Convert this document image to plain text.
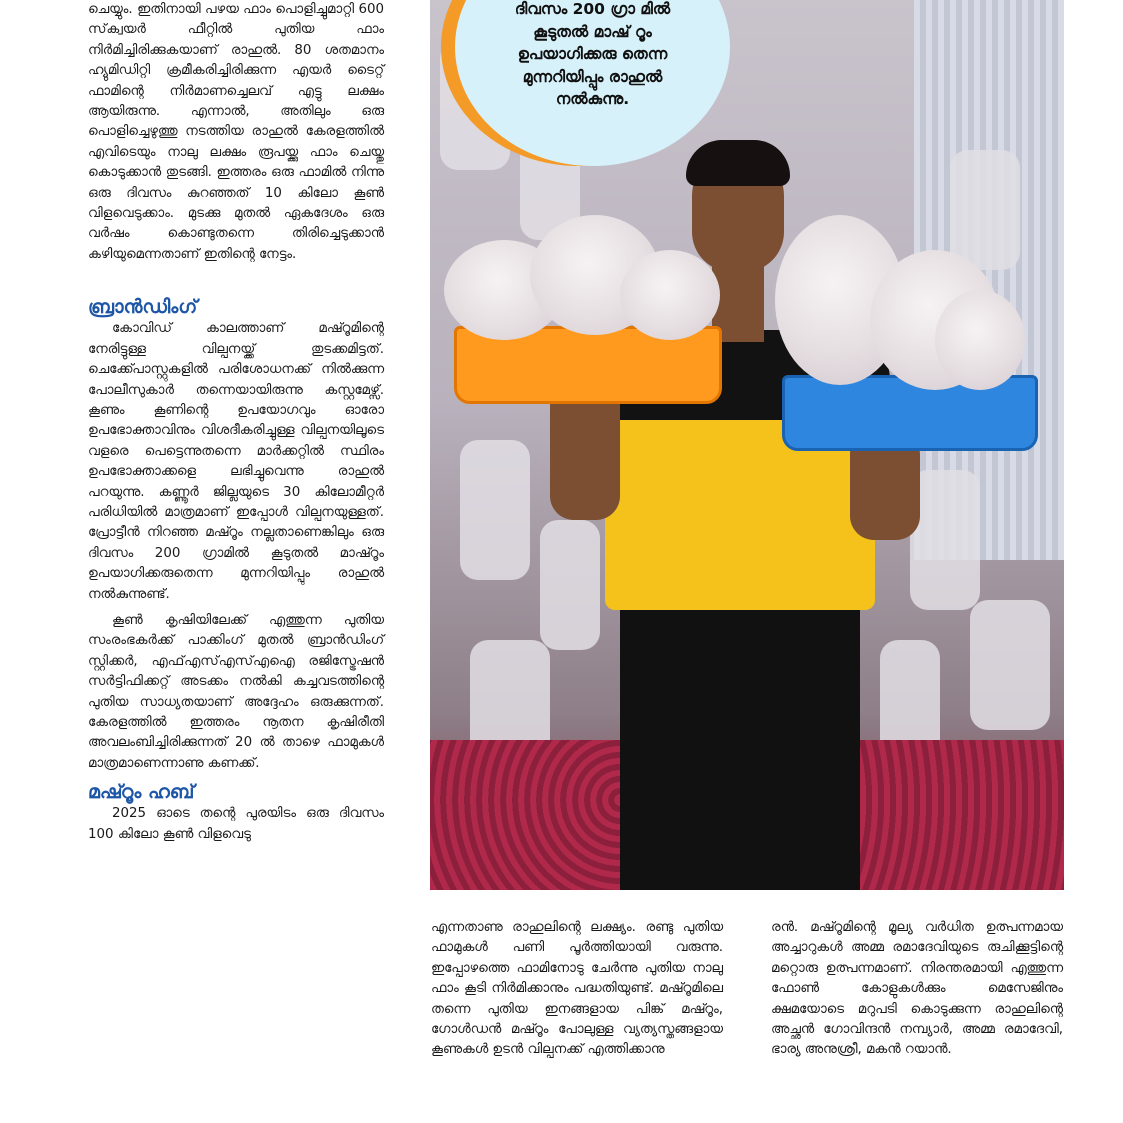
ചെയ്യും. ഇതിനായി പഴയ ഫാം പൊളിച്ചുമാറ്റി 600 സ്‌ക്വയർ ഫീറ്റിൽ പുതിയ ഫാം നിർമിച്ചിരിക്കുകയാണ് രാഹുൽ. 80 ശതമാനം ഹ്യുമിഡിറ്റി ക്രമീകരിച്ചിരിക്കുന്ന എയർ ടൈറ്റ് ഫാമിന്റെ നിർമാണച്ചെലവ് എട്ടു ലക്ഷം ആയിരുന്നു. എന്നാൽ, അതിലും ഒരു പൊളിച്ചെഴുത്തു നടത്തിയ രാഹുൽ കേരളത്തിൽ എവിടെയും നാലു ലക്ഷം രൂപയ്ക്കു ഫാം ചെയ്തു കൊടുക്കാൻ തുടങ്ങി. ഇത്തരം ഒരു ഫാമിൽ നിന്നു ഒരു ദിവസം കുറഞ്ഞത് 10 കിലോ കൂൺ വിളവെടുക്കാം. മുടക്കു മുതൽ ഏകദേശം ഒരു വർഷം കൊണ്ടുതന്നെ തിരിച്ചെടുക്കാൻ കഴിയുമെന്നതാണ് ഇതിന്റെ നേട്ടം.

ബ്രാൻഡിംഗ്

കോവിഡ് കാലത്താണ് മഷ്റൂമിന്റെ നേരിട്ടുള്ള വില്പനയ്ക്ക് തുടക്കമിട്ടത്. ചെക്ക്പോസ്റ്റുകളിൽ പരിശോധനക്ക് നിൽക്കുന്ന പോലീസുകാർ തന്നെയായിരുന്നു കസ്റ്റമേഴ്സ്. കൂണും കൂണിന്റെ ഉപയോഗവും ഓരോ ഉപഭോക്താവിനും വിശദീകരിച്ചുള്ള വില്പനയിലൂടെ വളരെ പെട്ടെന്നുതന്നെ മാർക്കറ്റിൽ സ്ഥിരം ഉപഭോക്താക്കളെ ലഭിച്ചുവെന്നു രാഹുൽ പറയുന്നു. കണ്ണൂർ ജില്ലയുടെ 30 കിലോമീറ്റർ പരിധിയിൽ മാത്രമാണ് ഇപ്പോൾ വില്പനയുള്ളത്. പ്രോട്ടീൻ നിറഞ്ഞ മഷ്റൂം നല്ലതാണെങ്കിലും ഒരു ദിവസം 200 ഗ്രാമിൽ കൂടുതൽ മാഷ്റൂം ഉപയാഗിക്കരുതെന്ന മുന്നറിയിപ്പും രാഹുൽ നൽകുന്നുണ്ട്.

കൂൺ കൃഷിയിലേക്ക് എത്തുന്ന പുതിയ സംരംഭകർക്ക് പാക്കിംഗ് മുതൽ ബ്രാൻഡിംഗ് സ്റ്റിക്കർ, എഫ്എസ്എസ്എഐ രജിസ്ട്രേഷൻ സർട്ടിഫിക്കറ്റ് അടക്കം നൽകി കച്ചവടത്തിന്റെ പുതിയ സാധ്യതയാണ് അദ്ദേഹം ഒരുക്കുന്നത്. കേരളത്തിൽ ഇത്തരം നൂതന കൃഷിരീതി അവലംബിച്ചിരിക്കുന്നത് 20 ൽ താഴെ ഫാമുകൾ മാത്രമാണെന്നാണു കണക്ക്.

മഷ്റൂം ഹബ്

2025 ഓടെ തന്റെ പുരയിടം ഒരു ദിവസം 100 കിലോ കൂൺ വിളവെടു

ദിവസം 200 ഗ്രാ മിൽ കൂടുതൽ മാഷ് റൂം ഉപയാഗിക്കരു തെന്ന മുന്നറിയിപ്പും രാഹുൽ നൽകുന്നു.

എന്നതാണു രാഹുലിന്റെ ലക്ഷ്യം. രണ്ടു പുതിയ ഫാമുകൾ പണി പൂർത്തിയായി വരുന്നു. ഇപ്പോഴത്തെ ഫാമിനോടു ചേർന്നു പുതിയ നാലു ഫാം കൂടി നിർമിക്കാനും പദ്ധതിയുണ്ട്. മഷ്റൂമിലെ തന്നെ പുതിയ ഇനങ്ങളായ പിങ്ക് മഷ്റൂം, ഗോൾഡൻ മഷ്റൂം പോലുള്ള വ്യത്യസ്തങ്ങളായ കൂണുകൾ ഉടൻ വില്പനക്ക് എത്തിക്കാനു

രൻ. മഷ്റൂമിന്റെ മൂല്യ വർധിത ഉത്പന്നമായ അച്ചാറുകൾ അമ്മ രമാദേവിയുടെ രുചിക്കൂട്ടിന്റെ മറ്റൊരു ഉത്പന്നമാണ്. നിരന്തരമായി എത്തുന്ന ഫോൺ കോളുകൾക്കും മെസേജിനും ക്ഷമയോടെ മറുപടി കൊടുക്കുന്ന രാഹുലിന്റെ അച്ഛൻ ഗോവിന്ദൻ നമ്പ്യാർ, അമ്മ രമാദേവി, ഭാര്യ അനുശ്രീ, മകൻ റയാൻ.
